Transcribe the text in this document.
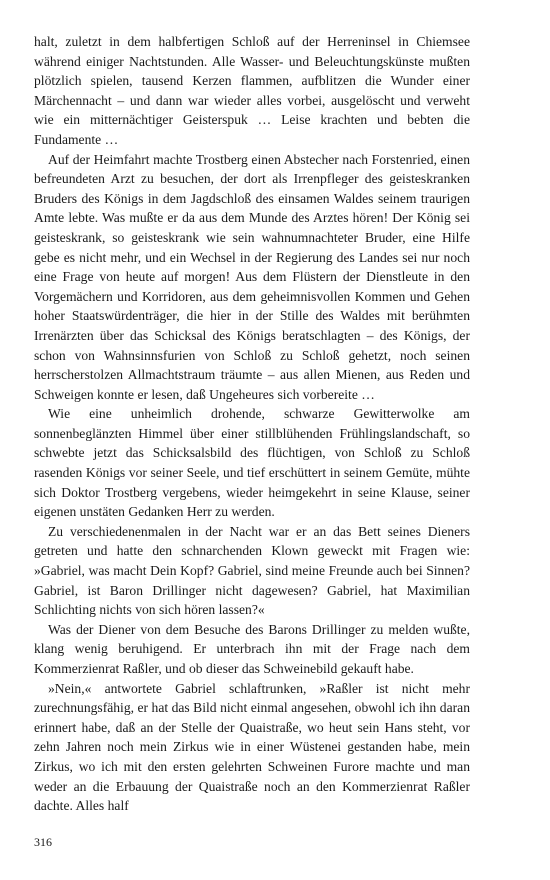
halt, zuletzt in dem halbfertigen Schloß auf der Herreninsel in Chiemsee während einiger Nachtstunden. Alle Wasser- und Beleuchtungskünste mußten plötzlich spielen, tausend Kerzen flammen, aufblitzen die Wunder einer Märchennacht – und dann war wieder alles vorbei, ausgelöscht und verweht wie ein mitternächtiger Geisterspuk … Leise krachten und bebten die Fundamente …

Auf der Heimfahrt machte Trostberg einen Abstecher nach Forstenried, einen befreundeten Arzt zu besuchen, der dort als Irrenpfleger des geisteskranken Bruders des Königs in dem Jagdschloß des einsamen Waldes seinem traurigen Amte lebte. Was mußte er da aus dem Munde des Arztes hören! Der König sei geisteskrank, so geisteskrank wie sein wahnumnachteter Bruder, eine Hilfe gebe es nicht mehr, und ein Wechsel in der Regierung des Landes sei nur noch eine Frage von heute auf morgen! Aus dem Flüstern der Dienstleute in den Vorgemächern und Korridoren, aus dem geheimnisvollen Kommen und Gehen hoher Staatswürdenträger, die hier in der Stille des Waldes mit berühmten Irrenärzten über das Schicksal des Königs beratschlagten – des Königs, der schon von Wahnsinnsfurien von Schloß zu Schloß gehetzt, noch seinen herrscherstolzen Allmachtstraum träumte – aus allen Mienen, aus Reden und Schweigen konnte er lesen, daß Ungeheures sich vorbereite …

Wie eine unheimlich drohende, schwarze Gewitterwolke am sonnenbeglänzten Himmel über einer stillblühenden Frühlingslandschaft, so schwebte jetzt das Schicksalsbild des flüchtigen, von Schloß zu Schloß rasenden Königs vor seiner Seele, und tief erschüttert in seinem Gemüte, mühte sich Doktor Trostberg vergebens, wieder heimgekehrt in seine Klause, seiner eigenen unstäten Gedanken Herr zu werden.

Zu verschiedenenmalen in der Nacht war er an das Bett seines Dieners getreten und hatte den schnarchenden Klown geweckt mit Fragen wie: »Gabriel, was macht Dein Kopf? Gabriel, sind meine Freunde auch bei Sinnen? Gabriel, ist Baron Drillinger nicht dagewesen? Gabriel, hat Maximilian Schlichting nichts von sich hören lassen?«

Was der Diener von dem Besuche des Barons Drillinger zu melden wußte, klang wenig beruhigend. Er unterbrach ihn mit der Frage nach dem Kommerzienrat Raßler, und ob dieser das Schweinebild gekauft habe.

»Nein,« antwortete Gabriel schlaftrunken, »Raßler ist nicht mehr zurechnungsfähig, er hat das Bild nicht einmal angesehen, obwohl ich ihn daran erinnert habe, daß an der Stelle der Quaistraße, wo heut sein Hans steht, vor zehn Jahren noch mein Zirkus wie in einer Wüstenei gestanden habe, mein Zirkus, wo ich mit den ersten gelehrten Schweinen Furore machte und man weder an die Erbauung der Quaistraße noch an den Kommerzienrat Raßler dachte. Alles half

316
